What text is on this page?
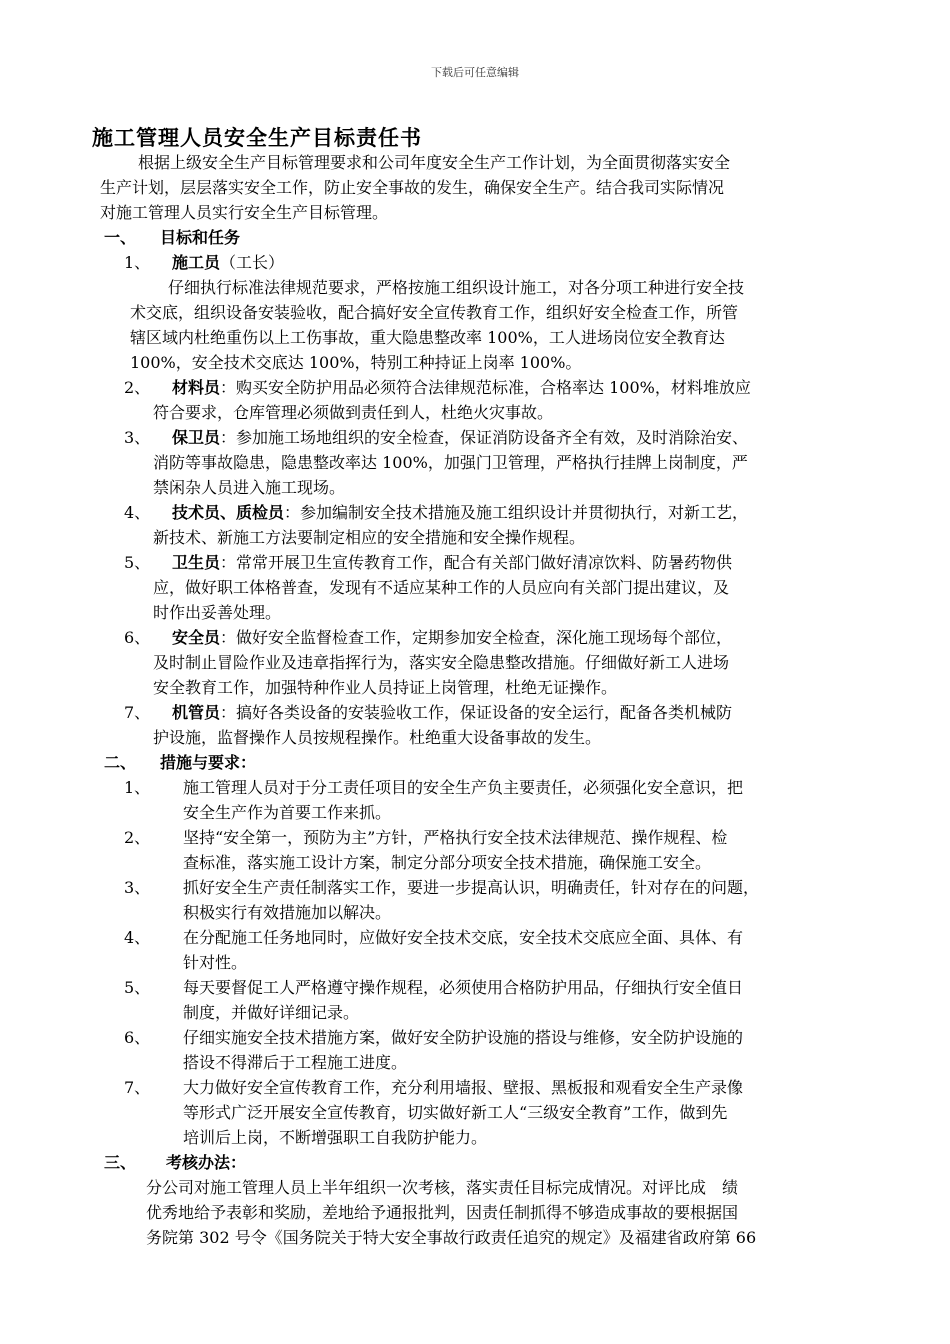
下载后可任意编辑
施工管理人员安全生产目标责任书
根据上级安全生产目标管理要求和公司年度安全生产工作计划，为全面贯彻落实安全
生产计划，层层落实安全工作，防止安全事故的发生，确保安全生产。结合我司实际情况
对施工管理人员实行安全生产目标管理。
一、 目标和任务
1、 施工员（工长）
仔细执行标准法律规范要求，严格按施工组织设计施工，对各分项工种进行安全技
术交底，组织设备安装验收，配合搞好安全宣传教育工作，组织好安全检查工作，所管
辖区域内杜绝重伤以上工伤事故，重大隐患整改率 100%，工人进场岗位安全教育达
100%，安全技术交底达 100%，特别工种持证上岗率 100%。
2、 材料员：购买安全防护用品必须符合法律规范标准，合格率达 100%，材料堆放应
符合要求，仓库管理必须做到责任到人，杜绝火灾事故。
3、 保卫员：参加施工场地组织的安全检查，保证消防设备齐全有效，及时消除治安、
消防等事故隐患，隐患整改率达 100%，加强门卫管理，严格执行挂牌上岗制度，严
禁闲杂人员进入施工现场。
4、 技术员、质检员：参加编制安全技术措施及施工组织设计并贯彻执行，对新工艺，
新技术、新施工方法要制定相应的安全措施和安全操作规程。
5、 卫生员：常常开展卫生宣传教育工作，配合有关部门做好清凉饮料、防暑药物供
应，做好职工体格普查，发现有不适应某种工作的人员应向有关部门提出建议，及
时作出妥善处理。
6、 安全员：做好安全监督检查工作，定期参加安全检查，深化施工现场每个部位，
及时制止冒险作业及违章指挥行为，落实安全隐患整改措施。仔细做好新工人进场
安全教育工作，加强特种作业人员持证上岗管理，杜绝无证操作。
7、 机管员：搞好各类设备的安装验收工作，保证设备的安全运行，配备各类机械防
护设施，监督操作人员按规程操作。杜绝重大设备事故的发生。
二、 措施与要求：
1、 施工管理人员对于分工责任项目的安全生产负主要责任，必须强化安全意识，把
安全生产作为首要工作来抓。
2、 坚持“安全第一，预防为主”方针，严格执行安全技术法律规范、操作规程、检
查标准，落实施工设计方案，制定分部分项安全技术措施，确保施工安全。
3、 抓好安全生产责任制落实工作，要进一步提高认识，明确责任，针对存在的问题，
积极实行有效措施加以解决。
4、 在分配施工任务地同时，应做好安全技术交底，安全技术交底应全面、具体、有
针对性。
5、 每天要督促工人严格遵守操作规程，必须使用合格防护用品，仔细执行安全值日
制度，并做好详细记录。
6、 仔细实施安全技术措施方案，做好安全防护设施的搭设与维修，安全防护设施的
搭设不得滞后于工程施工进度。
7、 大力做好安全宣传教育工作，充分利用墙报、壁报、黑板报和观看安全生产录像
等形式广泛开展安全宣传教育，切实做好新工人“三级安全教育”工作，做到先
培训后上岗，不断增强职工自我防护能力。
三、 考核办法：
分公司对施工管理人员上半年组织一次考核，落实责任目标完成情况。对评比成　绩
优秀地给予表彰和奖励，差地给予通报批判，因责任制抓得不够造成事故的要根据国
务院第 302 号令《国务院关于特大安全事故行政责任追究的规定》及福建省政府第 66
